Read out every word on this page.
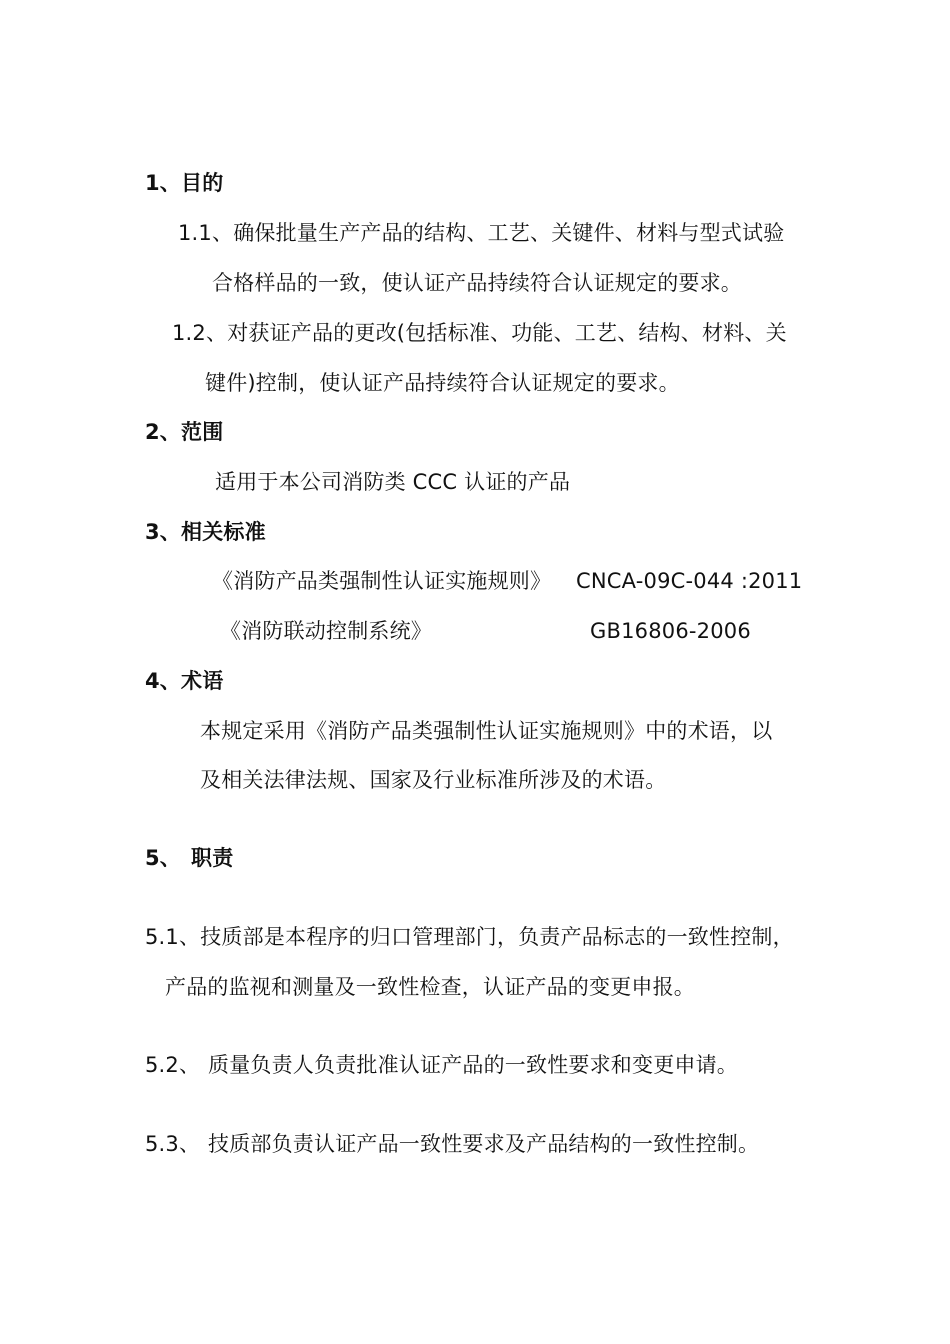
1、目的
1.1、确保批量生产产品的结构、工艺、关键件、材料与型式试验
合格样品的一致，使认证产品持续符合认证规定的要求。
1.2、对获证产品的更改(包括标准、功能、工艺、结构、材料、关
键件)控制，使认证产品持续符合认证规定的要求。
2、范围
适用于本公司消防类 CCC 认证的产品
3、相关标准
《消防产品类强制性认证实施规则》 CNCA-09C-044 :2011
《消防联动控制系统》	GB16806-2006
4、术语
本规定采用《消防产品类强制性认证实施规则》中的术语，以
及相关法律法规、国家及行业标准所涉及的术语。
5、 职责
5.1、技质部是本程序的归口管理部门，负责产品标志的一致性控制，
产品的监视和测量及一致性检查，认证产品的变更申报。
5.2、 质量负责人负责批准认证产品的一致性要求和变更申请。
5.3、 技质部负责认证产品一致性要求及产品结构的一致性控制。
